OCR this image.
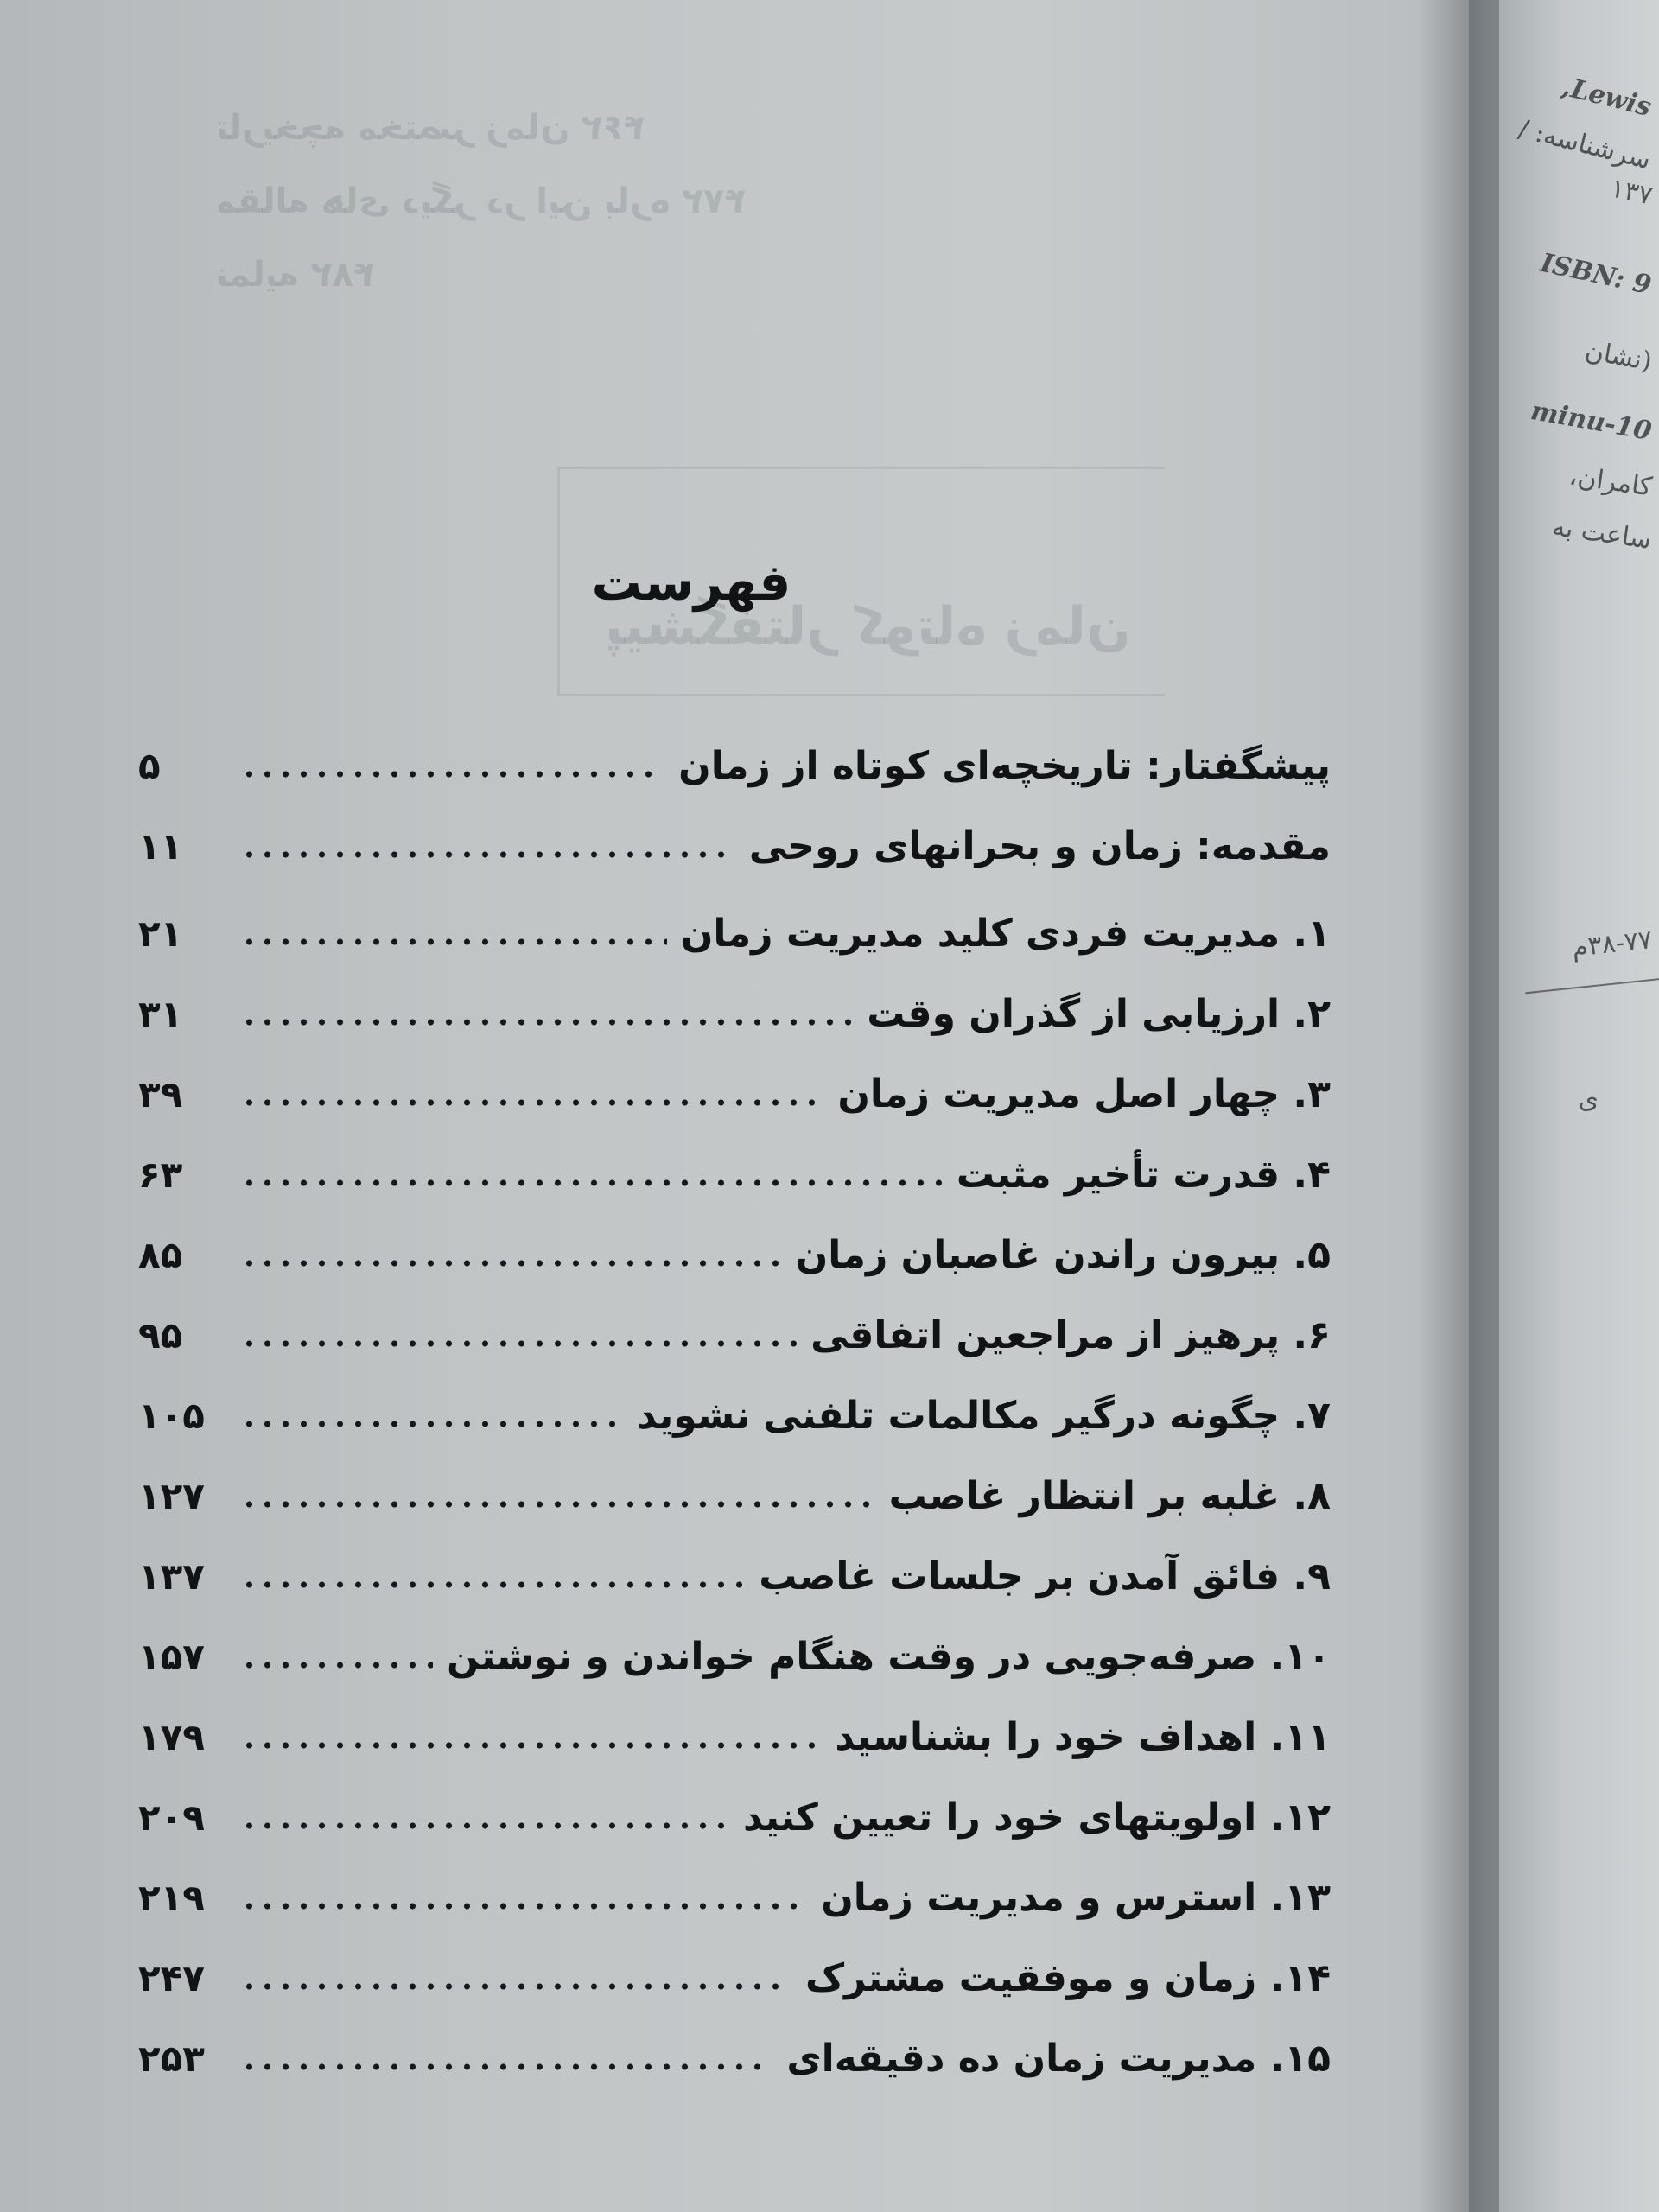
تاریخچه مختصر زمان ۴۶۲
مقاله های دیگر در این باره ۴۷۲
نمایه ۴۸۲
پیشگفتار کوتاه زمان
فهرست
پیشگفتار: تاریخچه‌ای کوتاه از زمان
۵
مقدمه: زمان و بحرانهای روحی
۱۱
۱. مدیریت فردی کلید مدیریت زمان
۲۱
۲. ارزیابی از گذران وقت
۳۱
۳. چهار اصل مدیریت زمان
۳۹
۴. قدرت تأخیر مثبت
۶۳
۵. بیرون راندن غاصبان زمان
۸۵
۶. پرهیز از مراجعین اتفاقی
۹۵
۷. چگونه درگیر مکالمات تلفنی نشوید
۱۰۵
۸. غلبه بر انتظار غاصب
۱۲۷
۹. فائق آمدن بر جلسات غاصب
۱۳۷
۱۰. صرفه‌جویی در وقت هنگام خواندن و نوشتن
۱۵۷
۱۱. اهداف خود را بشناسید
۱۷۹
۱۲. اولویتهای خود را تعیین کنید
۲۰۹
۱۳. استرس و مدیریت زمان
۲۱۹
۱۴. زمان و موفقیت مشترک
۲۴۷
۱۵. مدیریت زمان ده دقیقه‌ای
۲۵۳
Lewis,
سرشناسه: /
۱۳۷
ISBN: 9
(نشان
10-minu
کامران،
ساعت به
۳۸-۷۷م
ی
